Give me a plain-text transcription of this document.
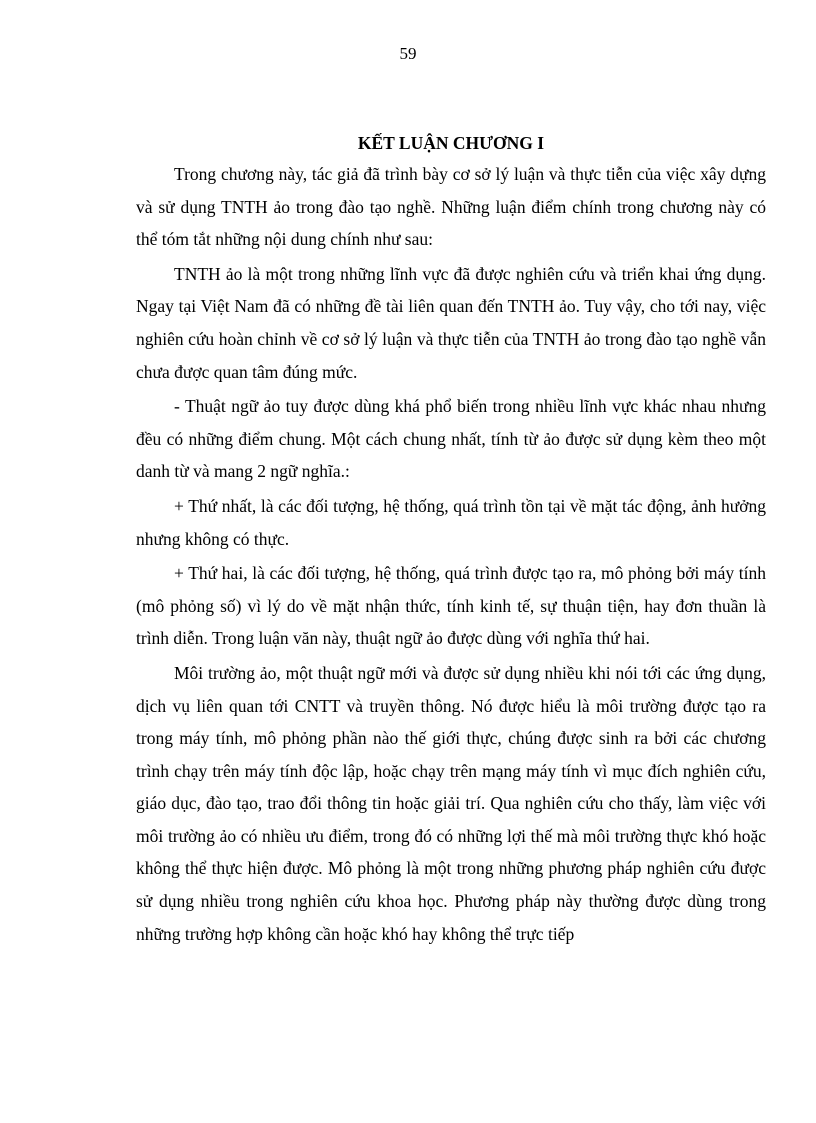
59
KẾT LUẬN CHƯƠNG I

Trong chương này, tác giả đã trình bày cơ sở lý luận và thực tiễn của việc xây dựng và sử dụng TNTH ảo trong đào tạo nghề. Những luận điểm chính trong chương này có thể tóm tắt những nội dung chính như sau:

TNTH ảo là một trong những lĩnh vực đã được nghiên cứu và triển khai ứng dụng. Ngay tại Việt Nam đã có những đề tài liên quan đến TNTH ảo. Tuy vậy, cho tới nay, việc nghiên cứu hoàn chỉnh về cơ sở lý luận và thực tiễn của TNTH ảo trong đào tạo nghề vẫn chưa được quan tâm đúng mức.

- Thuật ngữ ảo tuy được dùng khá phổ biến trong nhiều lĩnh vực khác nhau nhưng đều có những điểm chung. Một cách chung nhất, tính từ ảo được sử dụng kèm theo một danh từ và mang 2 ngữ nghĩa.:

+ Thứ nhất, là các đối tượng, hệ thống, quá trình tồn tại về mặt tác động, ảnh hưởng nhưng không có thực.

+ Thứ hai, là các đối tượng, hệ thống, quá trình được tạo ra, mô phỏng bởi máy tính (mô phỏng số) vì lý do về mặt nhận thức, tính kinh tế, sự thuận tiện, hay đơn thuần là trình diễn. Trong luận văn này, thuật ngữ ảo được dùng với nghĩa thứ hai.

Môi trường ảo, một thuật ngữ mới và được sử dụng nhiều khi nói tới các ứng dụng, dịch vụ liên quan tới CNTT và truyền thông. Nó được hiểu là môi trường được tạo ra trong máy tính, mô phỏng phần nào thế giới thực, chúng được sinh ra bởi các chương trình chạy trên máy tính độc lập, hoặc chạy trên mạng máy tính vì mục đích nghiên cứu, giáo dục, đào tạo, trao đổi thông tin hoặc giải trí. Qua nghiên cứu cho thấy, làm việc với môi trường ảo có nhiều ưu điểm, trong đó có những lợi thế mà môi trường thực khó hoặc không thể thực hiện được. Mô phỏng là một trong những phương pháp nghiên cứu được sử dụng nhiều trong nghiên cứu khoa học. Phương pháp này thường được dùng trong những trường hợp không cần hoặc khó hay không thể trực tiếp
